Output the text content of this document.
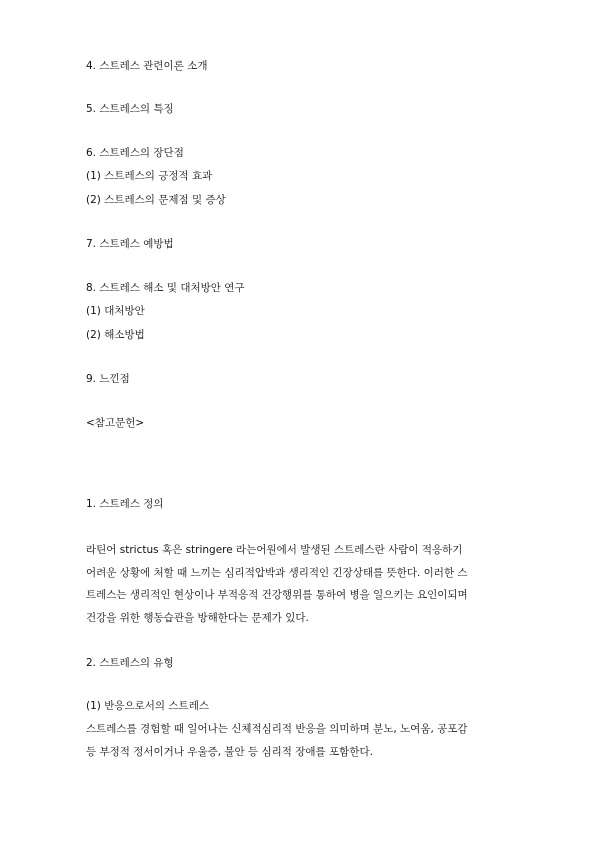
4. 스트레스 관련이론 소개
5. 스트레스의 특징
6. 스트레스의 장단점
(1) 스트레스의 긍정적 효과
(2) 스트레스의 문제점 및 증상
7. 스트레스 예방법
8. 스트레스 해소 및 대처방안 연구
(1) 대처방안
(2) 해소방법
9. 느낀점
<참고문헌>
1. 스트레스 정의
라틴어 strictus 혹은 stringere 라는어원에서 발생된 스트레스란 사람이 적응하기
어려운 상황에 처할 때 느끼는 심리적압박과 생리적인 긴장상태를 뜻한다. 이러한 스
트레스는 생리적인 현상이나 부적응적 건강행위를 통하여 병을 일으키는 요인이되며
건강을 위한 행동습관을 방해한다는 문제가 있다.
2. 스트레스의 유형
(1) 반응으로서의 스트레스
스트레스를 경험할 때 일어나는 신체적심리적 반응을 의미하며 분노, 노여움, 공포감
등 부정적 정서이거나 우울증, 불안 등 심리적 장애를 포함한다.
